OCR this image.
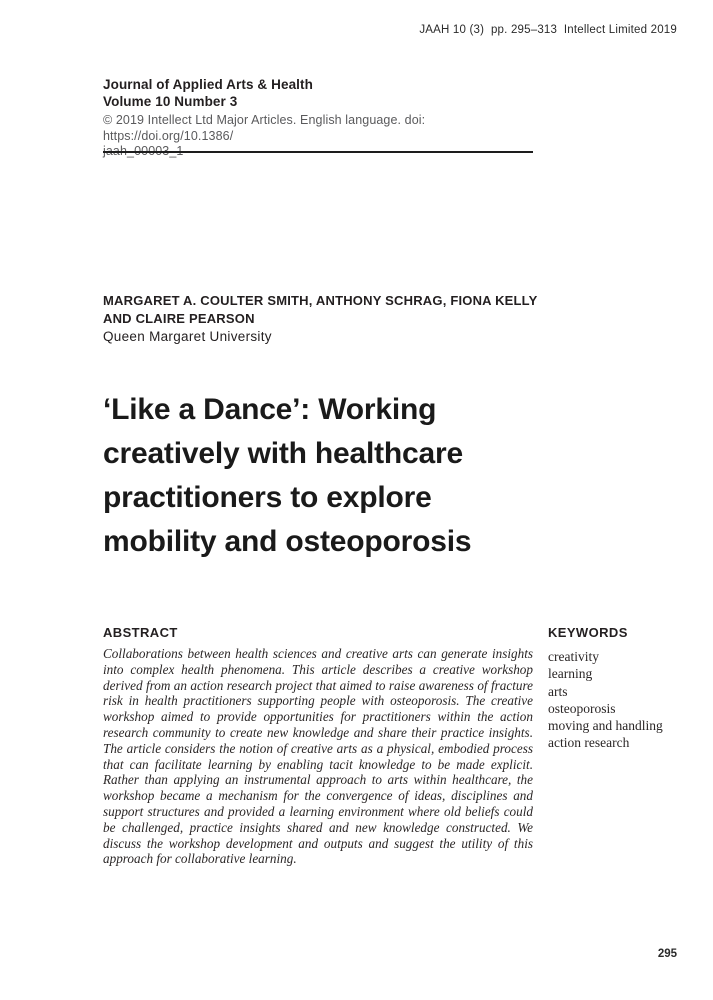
JAAH 10 (3)  pp. 295–313  Intellect Limited 2019
Journal of Applied Arts & Health
Volume 10 Number 3
© 2019 Intellect Ltd Major Articles. English language. doi: https://doi.org/10.1386/
jaah_00003_1
MARGARET A. COULTER SMITH, ANTHONY SCHRAG, FIONA KELLY AND CLAIRE PEARSON
Queen Margaret University
‘Like a Dance’: Working creatively with healthcare practitioners to explore mobility and osteoporosis
ABSTRACT
Collaborations between health sciences and creative arts can generate insights into complex health phenomena. This article describes a creative workshop derived from an action research project that aimed to raise awareness of fracture risk in health practitioners supporting people with osteoporosis. The creative workshop aimed to provide opportunities for practitioners within the action research community to create new knowledge and share their practice insights. The article considers the notion of creative arts as a physical, embodied process that can facilitate learning by enabling tacit knowledge to be made explicit. Rather than applying an instrumental approach to arts within healthcare, the workshop became a mechanism for the convergence of ideas, disciplines and support structures and provided a learning environment where old beliefs could be challenged, practice insights shared and new knowledge constructed. We discuss the workshop development and outputs and suggest the utility of this approach for collaborative learning.
KEYWORDS
creativity
learning
arts
osteoporosis
moving and handling
action research
295
